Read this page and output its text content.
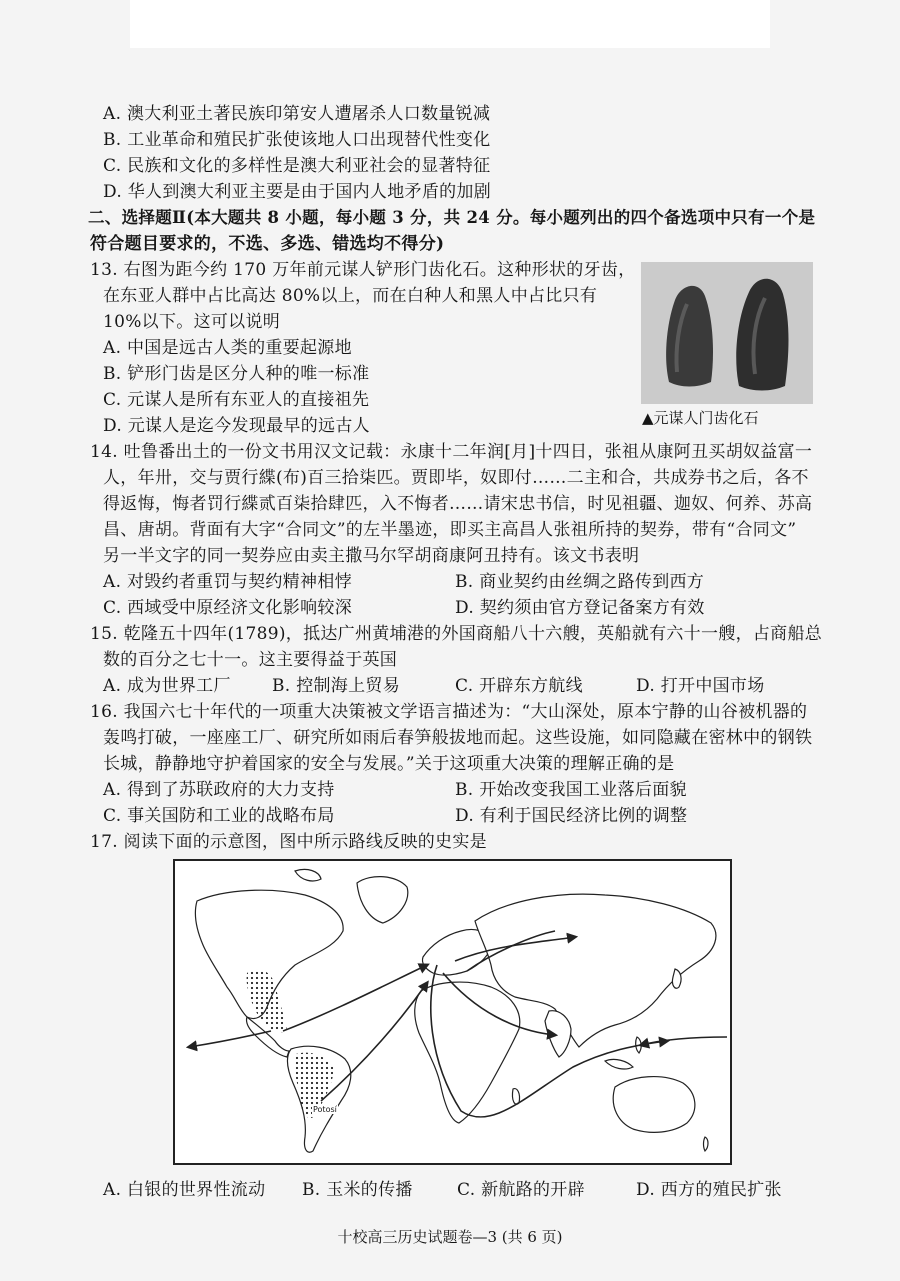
A. 澳大利亚土著民族印第安人遭屠杀人口数量锐减
B. 工业革命和殖民扩张使该地人口出现替代性变化
C. 民族和文化的多样性是澳大利亚社会的显著特征
D. 华人到澳大利亚主要是由于国内人地矛盾的加剧
二、选择题Ⅱ(本大题共 8 小题，每小题 3 分，共 24 分。每小题列出的四个备选项中只有一个是
符合题目要求的，不选、多选、错选均不得分)
13. 右图为距今约 170 万年前元谋人铲形门齿化石。这种形状的牙齿，
在东亚人群中占比高达 80%以上，而在白种人和黑人中占比只有
10%以下。这可以说明
A. 中国是远古人类的重要起源地
B. 铲形门齿是区分人种的唯一标准
C. 元谋人是所有东亚人的直接祖先
D. 元谋人是迄今发现最早的远古人	▲元谋人门齿化石
14. 吐鲁番出土的一份文书用汉文记载：永康十二年润[月]十四日，张祖从康阿丑买胡奴益富一
人，年卅，交与贾行緤(布)百三拾柒匹。贾即毕，奴即付……二主和合，共成券书之后，各不
得返悔，悔者罚行緤贰百柒拾肆匹，入不悔者……请宋忠书信，时见祖疆、迦奴、何养、苏高
昌、唐胡。背面有大字“合同文”的左半墨迹，即买主高昌人张祖所持的契券，带有“合同文”
另一半文字的同一契券应由卖主撒马尔罕胡商康阿丑持有。该文书表明
A. 对毁约者重罚与契约精神相悖	B. 商业契约由丝绸之路传到西方
C. 西域受中原经济文化影响较深	D. 契约须由官方登记备案方有效
15. 乾隆五十四年(1789)，抵达广州黄埔港的外国商船八十六艘，英船就有六十一艘，占商船总
数的百分之七十一。这主要得益于英国
A. 成为世界工厂 B. 控制海上贸易	C. 开辟东方航线	D. 打开中国市场
16. 我国六七十年代的一项重大决策被文学语言描述为：“大山深处，原本宁静的山谷被机器的
轰鸣打破，一座座工厂、研究所如雨后春笋般拔地而起。这些设施，如同隐藏在密林中的钢铁
长城，静静地守护着国家的安全与发展。”关于这项重大决策的理解正确的是
A. 得到了苏联政府的大力支持	B. 开始改变我国工业落后面貌
C. 事关国防和工业的战略布局	D. 有利于国民经济比例的调整
17. 阅读下面的示意图，图中所示路线反映的史实是
Potosí
A. 白银的世界性流动 B. 玉米的传播	C. 新航路的开辟	D. 西方的殖民扩张
十校高三历史试题卷—3 (共 6 页)
